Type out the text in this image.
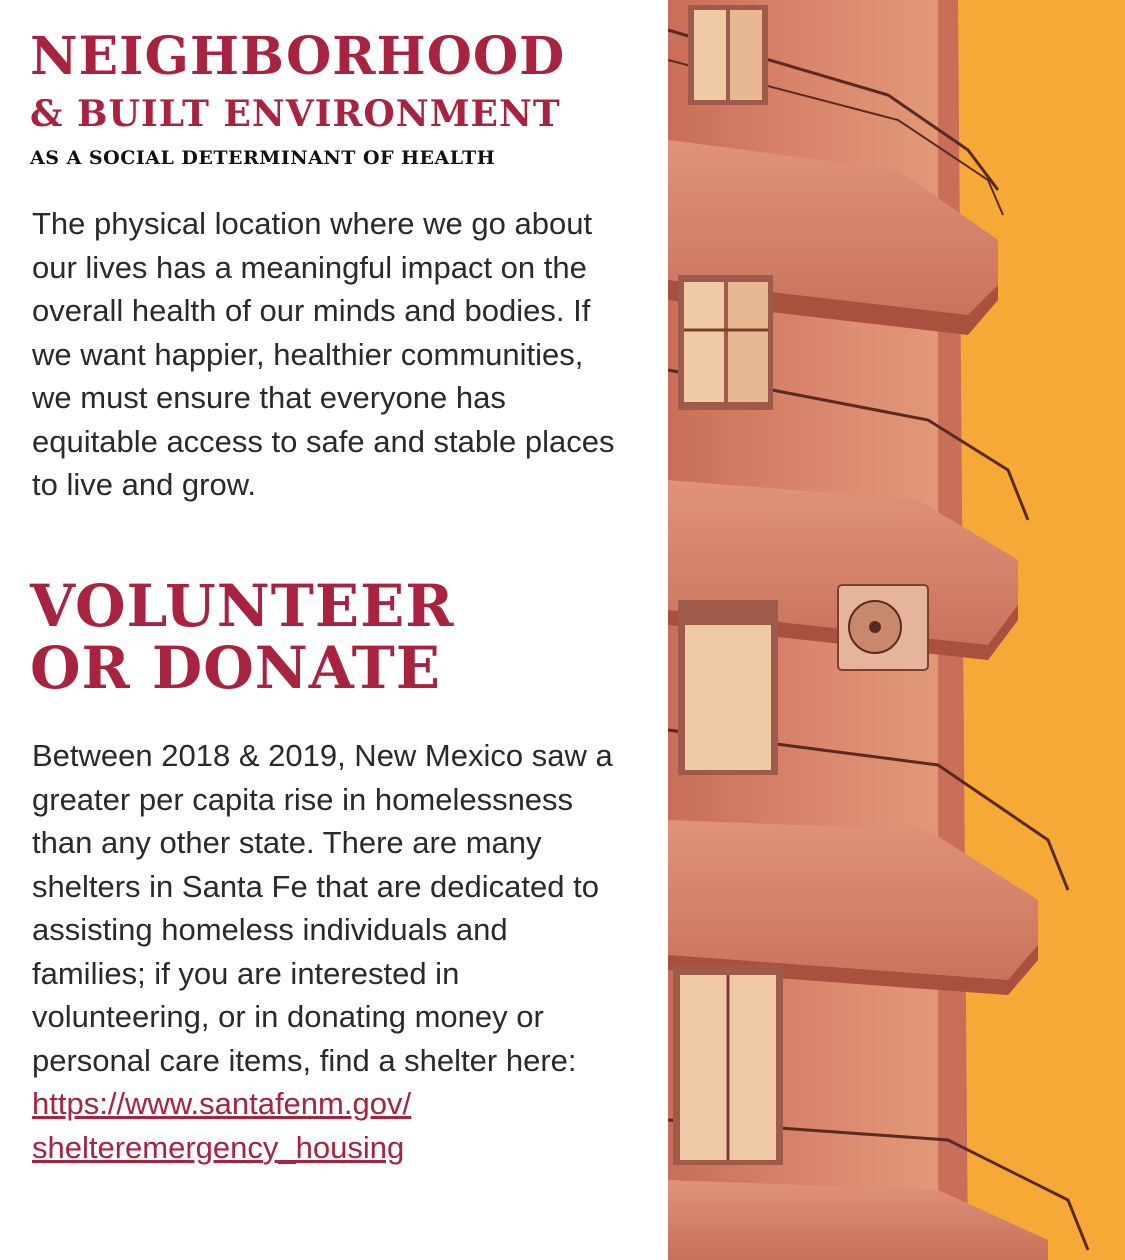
NEIGHBORHOOD
& BUILT ENVIRONMENT
AS A SOCIAL DETERMINANT OF HEALTH

The physical location where we go about our lives has a meaningful impact on the overall health of our minds and bodies. If we want happier, healthier communities, we must ensure that everyone has equitable access to safe and stable places to live and grow.

VOLUNTEER
OR DONATE
Between 2018 & 2019, New Mexico saw a greater per capita rise in homelessness than any other state. There are many shelters in Santa Fe that are dedicated to assisting homeless individuals and families; if you are interested in volunteering, or in donating money or personal care items, find a shelter here:
https://www.santafenm.gov/
shelteremergency_housing
